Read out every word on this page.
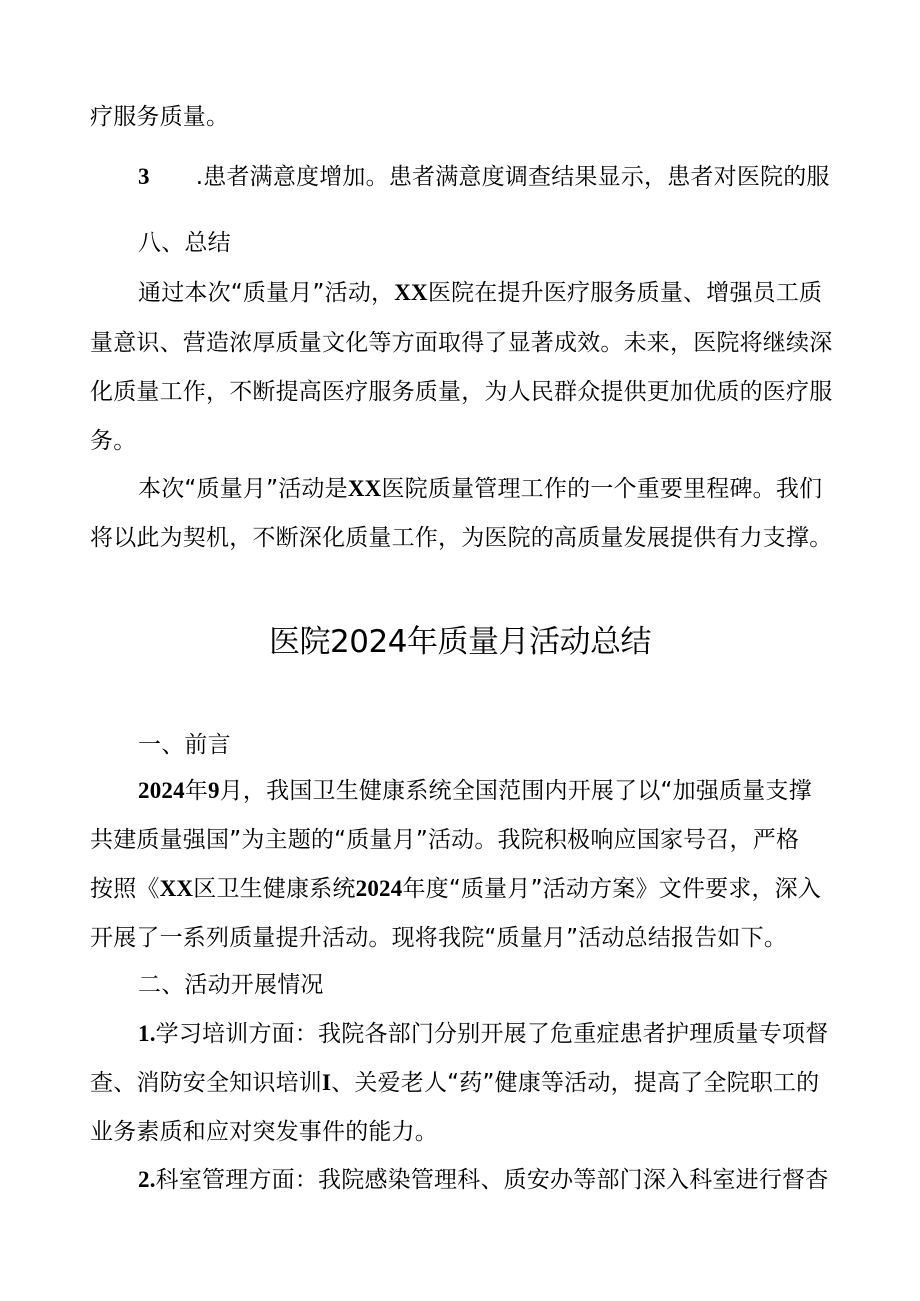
疗服务质量。
3 .患者满意度增加。患者满意度调查结果显示，患者对医院的服
八、总结
通过本次“质量月”活动，XX医院在提升医疗服务质量、增强员工质
量意识、营造浓厚质量文化等方面取得了显著成效。未来，医院将继续深
化质量工作，不断提高医疗服务质量，为人民群众提供更加优质的医疗服
务。
本次“质量月”活动是XX医院质量管理工作的一个重要里程碑。我们
将以此为契机，不断深化质量工作，为医院的高质量发展提供有力支撑。
医院2024年质量月活动总结
一、前言
2024年9月，我国卫生健康系统全国范围内开展了以“加强质量支撑
共建质量强国”为主题的“质量月”活动。我院积极响应国家号召，严格
按照《XX区卫生健康系统2024年度“质量月”活动方案》文件要求，深入
开展了一系列质量提升活动。现将我院“质量月”活动总结报告如下。
二、活动开展情况
1.学习培训方面：我院各部门分别开展了危重症患者护理质量专项督
查、消防安全知识培训I、关爱老人“药”健康等活动，提高了全院职工的
业务素质和应对突发事件的能力。
2.科室管理方面：我院感染管理科、质安办等部门深入科室进行督杳
